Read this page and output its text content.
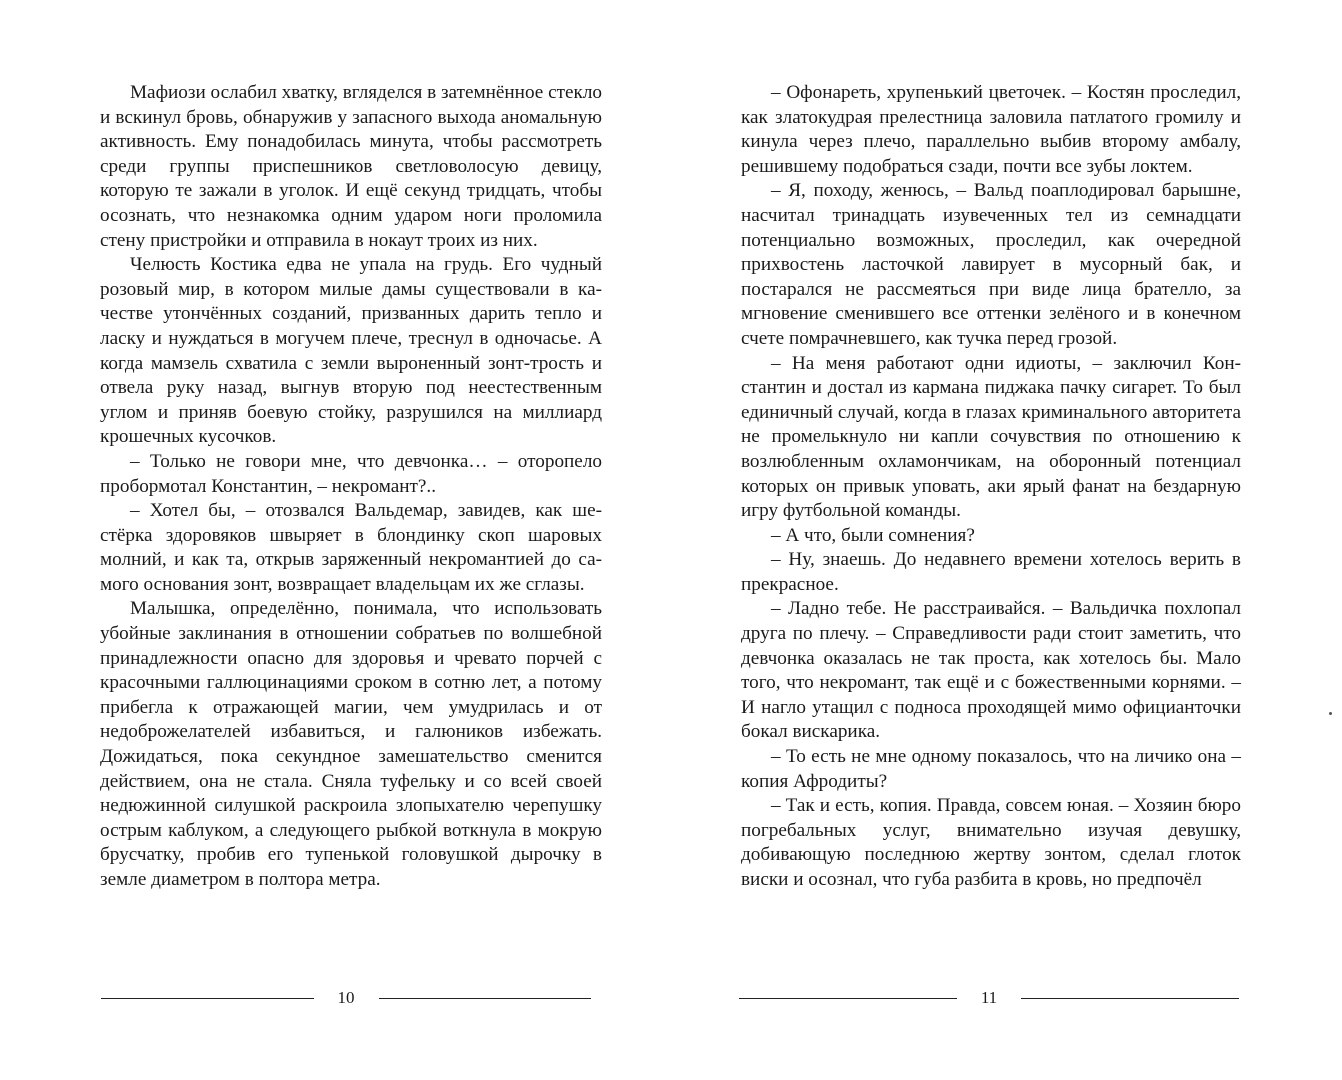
Мафиози ослабил хватку, вгляделся в затемнённое стекло и вскинул бровь, обнаружив у запасного выхода аномальную активность. Ему понадобилась минута, чтобы рассмотреть среди группы приспешников светловолосую девицу, которую те зажали в уголок. И ещё секунд тридцать, чтобы осознать, что незнакомка одним ударом ноги проломила стену пристройки и отправила в нокаут троих из них.

Челюсть Костика едва не упала на грудь. Его чудный розовый мир, в котором милые дамы существовали в качестве утончённых созданий, призванных дарить тепло и ласку и нуждаться в могучем плече, треснул в одночасье. А когда мамзель схватила с земли выроненный зонт-трость и отвела руку назад, выгнув вторую под неестественным углом и приняв боевую стойку, разрушился на миллиард крошечных кусочков.

– Только не говори мне, что девчонка… – оторопело пробормотал Константин, – некромант?..

– Хотел бы, – отозвался Вальдемар, завидев, как шестёрка здоровяков швыряет в блондинку скоп шаровых молний, и как та, открыв заряженный некромантией до самого основания зонт, возвращает владельцам их же сглазы.

Малышка, определённо, понимала, что использовать убойные заклинания в отношении собратьев по волшебной принадлежности опасно для здоровья и чревато порчей с красочными галлюцинациями сроком в сотню лет, а потому прибегла к отражающей магии, чем умудрилась и от недоброжелателей избавиться, и галюников избежать. Дожидаться, пока секундное замешательство сменится действием, она не стала. Сняла туфельку и со всей своей недюжинной силушкой раскроила злопыхателю черепушку острым каблуком, а следующего рыбкой воткнула в мокрую брусчатку, пробив его тупенькой головушкой дырочку в земле диаметром в полтора метра.

10

– Офонареть, хрупенький цветочек. – Костян проследил, как златокудрая прелестница заловила патлатого громилу и кинула через плечо, параллельно выбив второму амбалу, решившему подобраться сзади, почти все зубы локтем.

– Я, походу, женюсь, – Вальд поаплодировал барышне, насчитал тринадцать изувеченных тел из семнадцати потенциально возможных, проследил, как очередной прихвостень ласточкой лавирует в мусорный бак, и постарался не рассмеяться при виде лица брателло, за мгновение сменившего все оттенки зелёного и в конечном счете помрачневшего, как тучка перед грозой.

– На меня работают одни идиоты, – заключил Константин и достал из кармана пиджака пачку сигарет. То был единичный случай, когда в глазах криминального авторитета не промелькнуло ни капли сочувствия по отношению к возлюбленным охламончикам, на оборонный потенциал которых он привык уповать, аки ярый фанат на бездарную игру футбольной команды.

– А что, были сомнения?

– Ну, знаешь. До недавнего времени хотелось верить в прекрасное.

– Ладно тебе. Не расстраивайся. – Вальдичка похлопал друга по плечу. – Справедливости ради стоит заметить, что девчонка оказалась не так проста, как хотелось бы. Мало того, что некромант, так ещё и с божественными корнями. – И нагло утащил с подноса проходящей мимо официанточки бокал вискарика.

– То есть не мне одному показалось, что на личико она – копия Афродиты?

– Так и есть, копия. Правда, совсем юная. – Хозяин бюро погребальных услуг, внимательно изучая девушку, добивающую последнюю жертву зонтом, сделал глоток виски и осознал, что губа разбита в кровь, но предпочёл

11
